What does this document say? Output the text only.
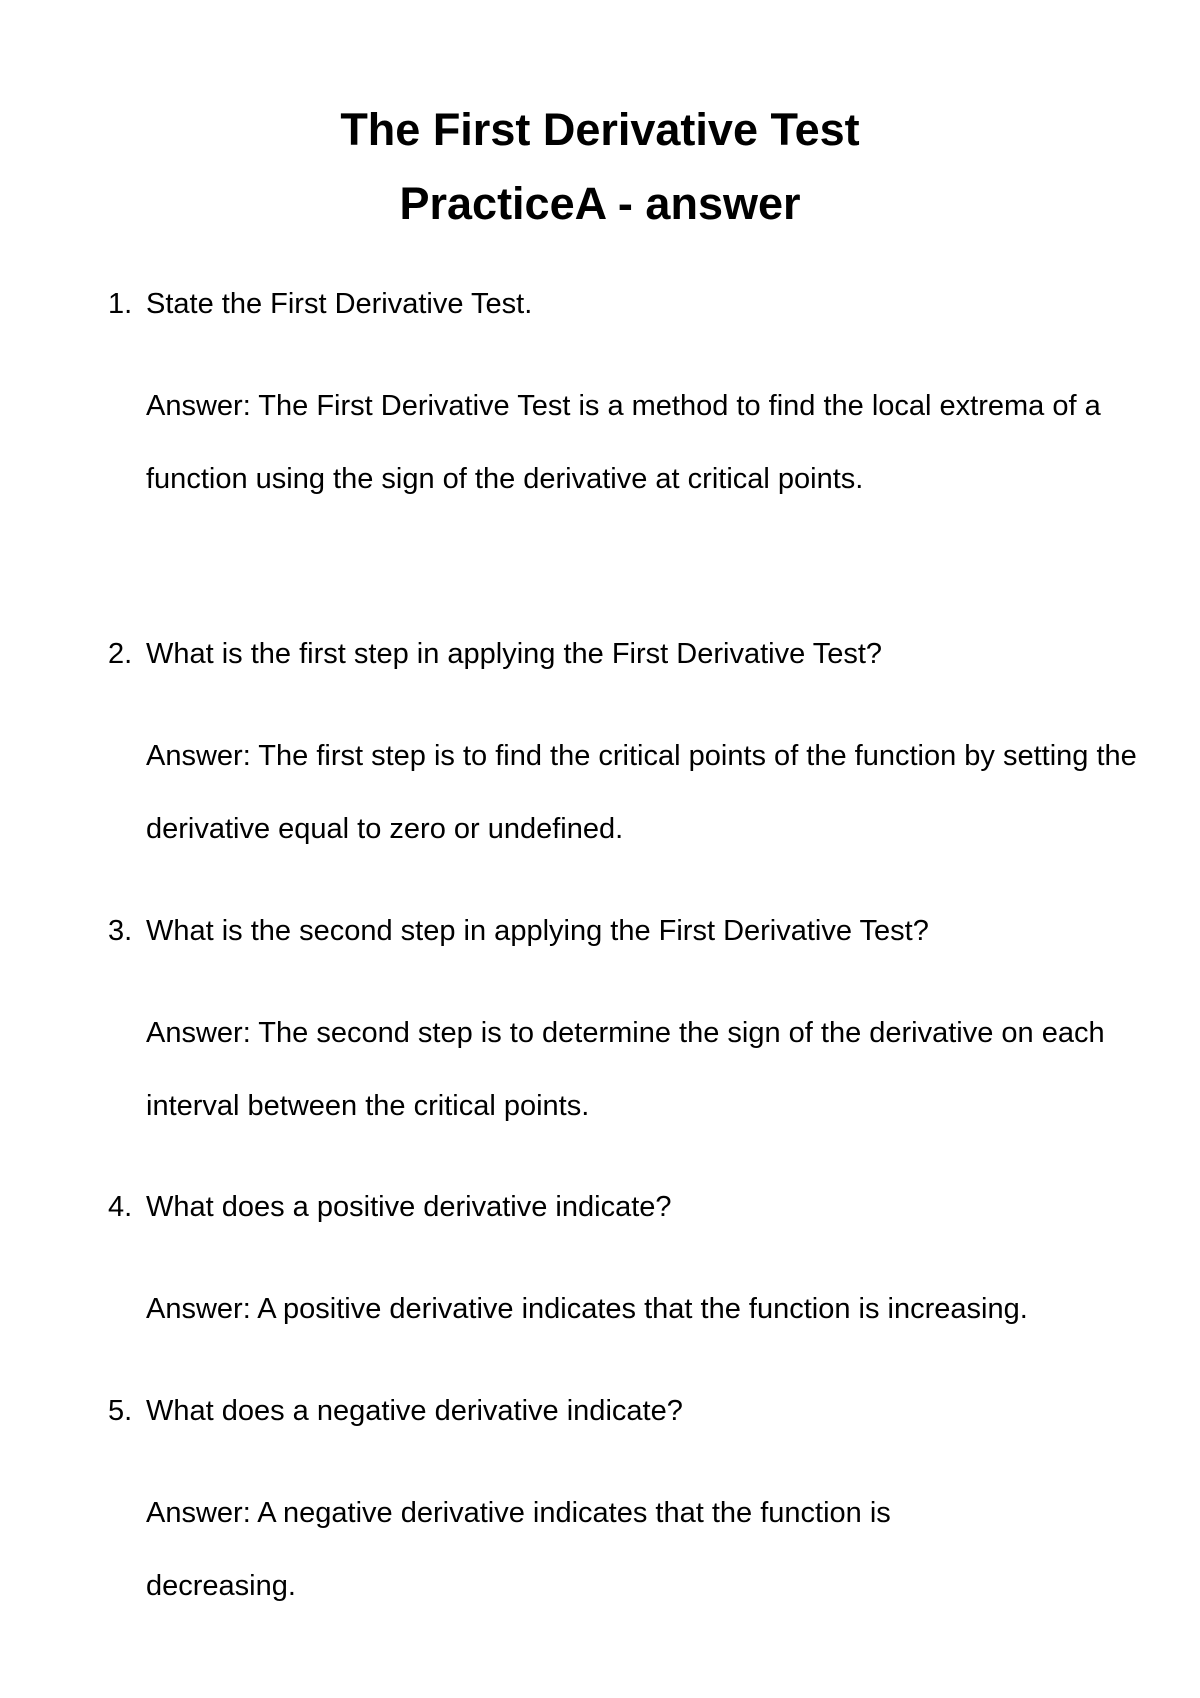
The First Derivative Test
PracticeA - answer
1. State the First Derivative Test.

Answer: The First Derivative Test is a method to find the local extrema of a function using the sign of the derivative at critical points.

2. What is the first step in applying the First Derivative Test?

Answer: The first step is to find the critical points of the function by setting the derivative equal to zero or undefined.

3. What is the second step in applying the First Derivative Test?

Answer: The second step is to determine the sign of the derivative on each interval between the critical points.

4. What does a positive derivative indicate?

Answer: A positive derivative indicates that the function is increasing.

5. What does a negative derivative indicate?

Answer: A negative derivative indicates that the function is decreasing.
